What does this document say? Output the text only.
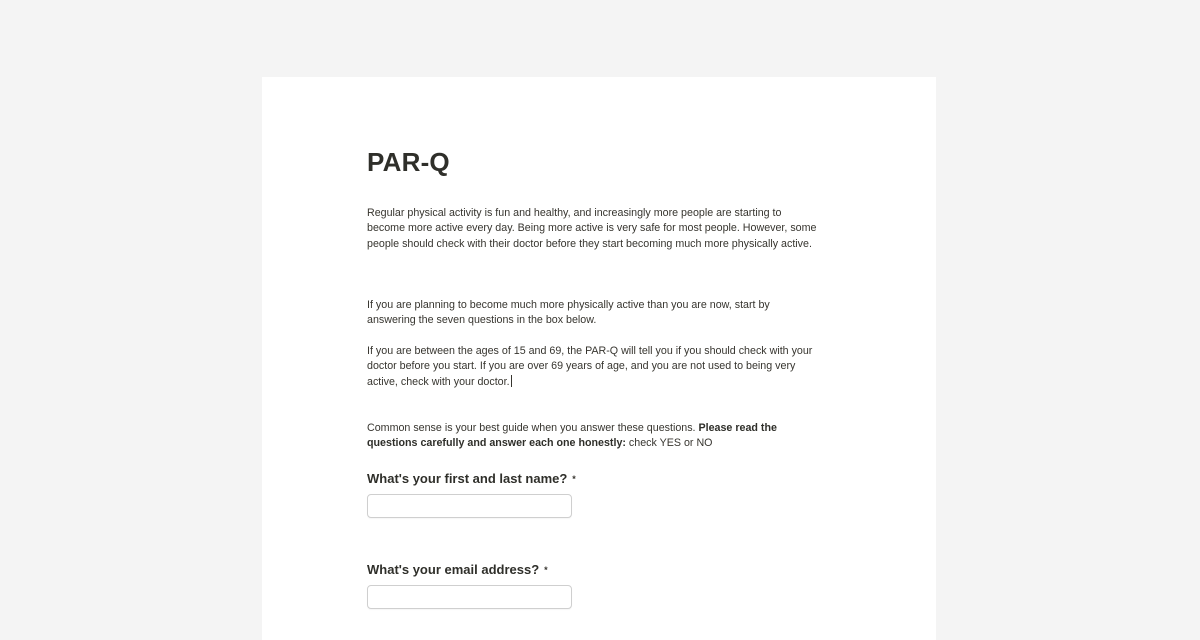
PAR-Q

Regular physical activity is fun and healthy, and increasingly more people are starting to become more active every day. Being more active is very safe for most people. However, some people should check with their doctor before they start becoming much more physically active.

If you are planning to become much more physically active than you are now, start by answering the seven questions in the box below.

If you are between the ages of 15 and 69, the PAR-Q will tell you if you should check with your doctor before you start. If you are over 69 years of age, and you are not used to being very active, check with your doctor.

Common sense is your best guide when you answer these questions. Please read the questions carefully and answer each one honestly: check YES or NO

What's your first and last name? *
What's your email address? *
